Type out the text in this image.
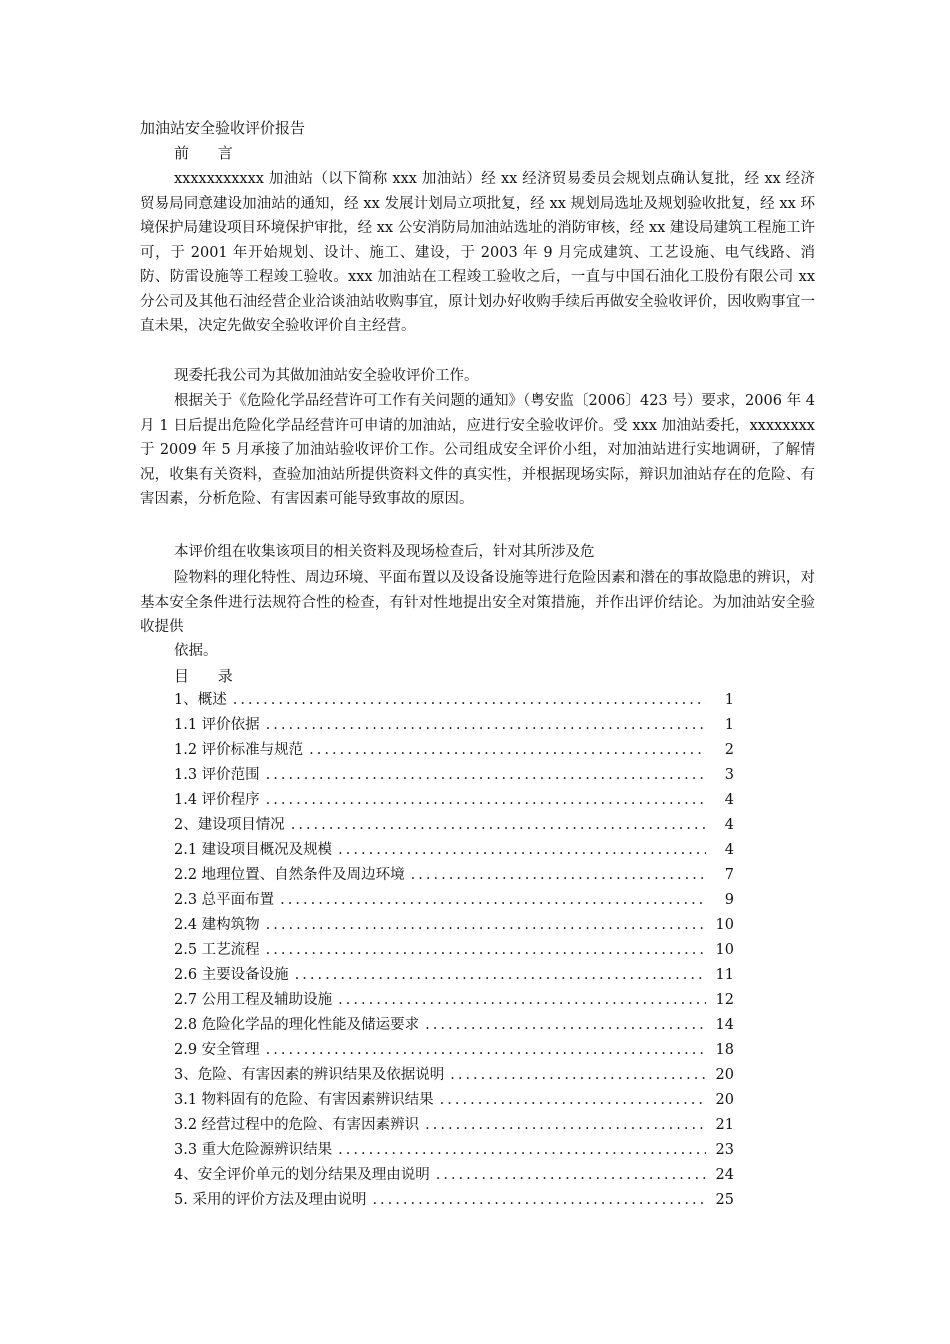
加油站安全验收评价报告
前 言

xxxxxxxxxxx 加油站（以下简称 xxx 加油站）经 xx 经济贸易委员会规划点确认复批，经 xx 经济贸易局同意建设加油站的通知，经 xx 发展计划局立项批复，经 xx 规划局选址及规划验收批复，经 xx 环境保护局建设项目环境保护审批，经 xx 公安消防局加油站选址的消防审核，经 xx 建设局建筑工程施工许可，于 2001 年开始规划、设计、施工、建设，于 2003 年 9 月完成建筑、工艺设施、电气线路、消防、防雷设施等工程竣工验收。xxx 加油站在工程竣工验收之后，一直与中国石油化工股份有限公司 xx 分公司及其他石油经营企业洽谈油站收购事宜，原计划办好收购手续后再做安全验收评价，因收购事宜一直未果，决定先做安全验收评价自主经营。

现委托我公司为其做加油站安全验收评价工作。

根据关于《危险化学品经营许可工作有关问题的通知》（粤安监〔2006〕423 号）要求，2006 年 4 月 1 日后提出危险化学品经营许可申请的加油站，应进行安全验收评价。受 xxx 加油站委托，xxxxxxxx 于 2009 年 5 月承接了加油站验收评价工作。公司组成安全评价小组，对加油站进行实地调研，了解情况，收集有关资料，查验加油站所提供资料文件的真实性，并根据现场实际，辩识加油站存在的危险、有害因素，分析危险、有害因素可能导致事故的原因。

本评价组在收集该项目的相关资料及现场检查后，针对其所涉及危

险物料的理化特性、周边环境、平面布置以及设备设施等进行危险因素和潜在的事故隐患的辨识，对基本安全条件进行法规符合性的检查，有针对性地提出安全对策措施，并作出评价结论。为加油站安全验收提供

依据。
目 录
1、概述 .....	1
1.1 评价依据 .....	1
1.2 评价标准与规范 .....	2
1.3 评价范围 .....	3
1.4 评价程序 .....	4
2、建设项目情况 .....	4
2.1 建设项目概况及规模 .....	4
2.2 地理位置、自然条件及周边环境 .....	7
2.3 总平面布置 .....	9
2.4 建构筑物 .....	10
2.5 工艺流程 .....	10
2.6 主要设备设施 .....	11
2.7 公用工程及辅助设施 .....	12
2.8 危险化学品的理化性能及储运要求 .....	14
2.9 安全管理 .....	18
3、危险、有害因素的辨识结果及依据说明 .....	20
3.1 物料固有的危险、有害因素辨识结果 .....	20
3.2 经营过程中的危险、有害因素辨识 .....	21
3.3 重大危险源辨识结果 .....	23
4、安全评价单元的划分结果及理由说明 .....	24
5. 采用的评价方法及理由说明 .....	25
